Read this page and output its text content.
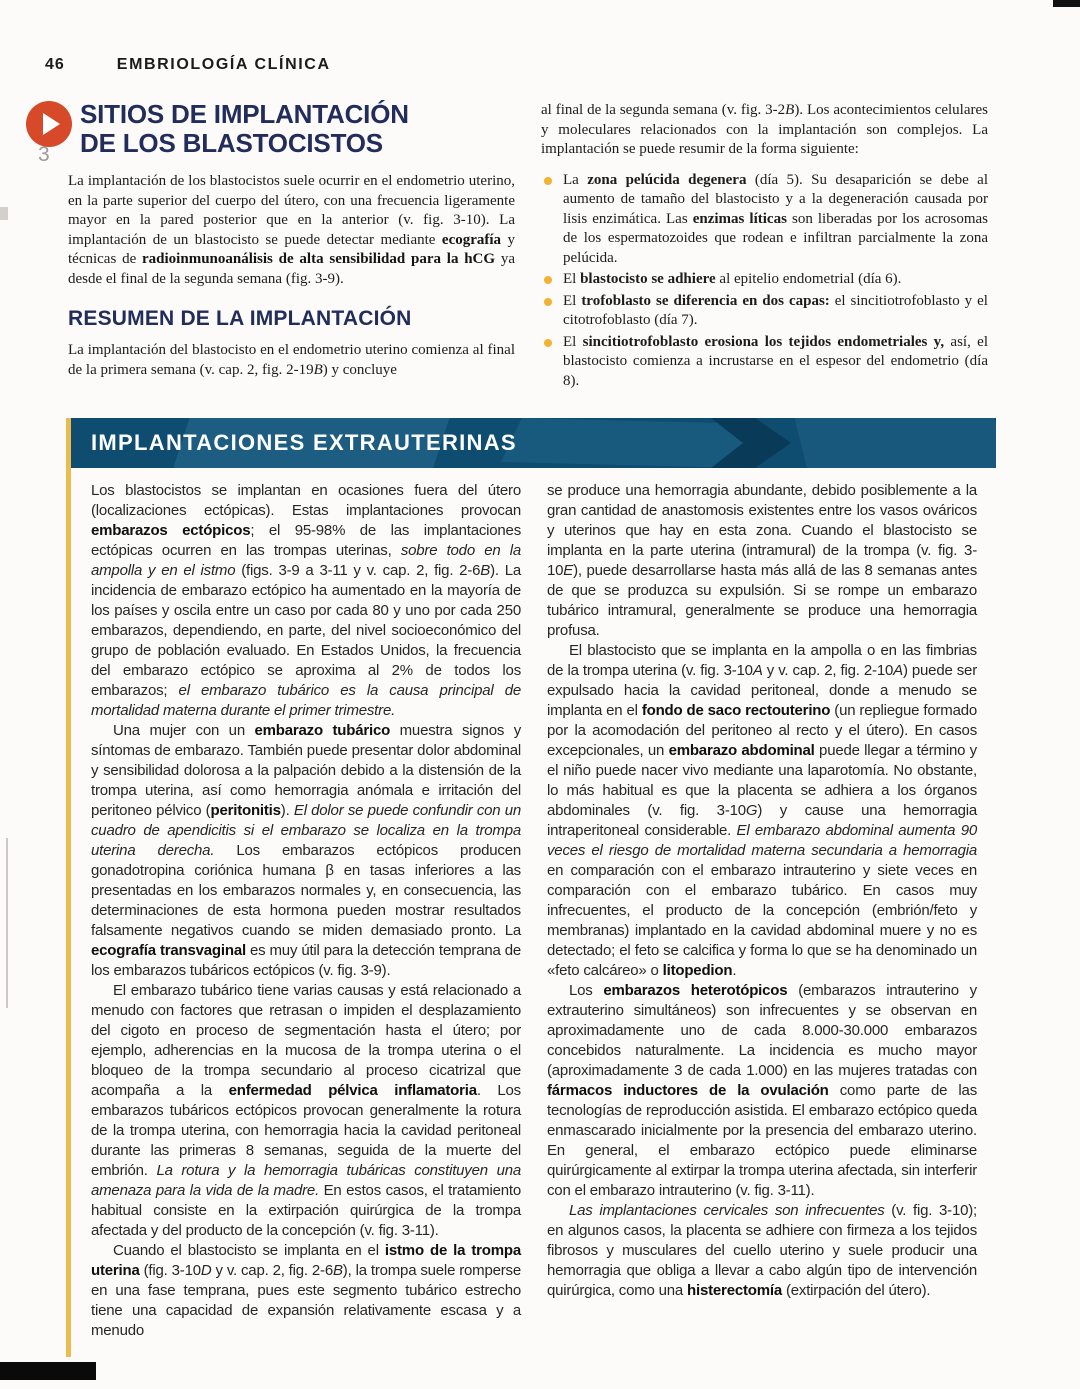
46	EMBRIOLOGÍA CLÍNICA
3
SITIOS DE IMPLANTACIÓN
DE LOS BLASTOCISTOS

La implantación de los blastocistos suele ocurrir en el endometrio uterino, en la parte superior del cuerpo del útero, con una frecuencia ligeramente mayor en la pared posterior que en la anterior (v. fig. 3-10). La implantación de un blastocisto se puede detectar mediante ecografía y técnicas de radioinmunoanálisis de alta sensibilidad para la hCG ya desde el final de la segunda semana (fig. 3-9).

RESUMEN DE LA IMPLANTACIÓN

La implantación del blastocisto en el endometrio uterino comienza al final de la primera semana (v. cap. 2, fig. 2-19B) y concluye

al final de la segunda semana (v. fig. 3-2B). Los acontecimientos celulares y moleculares relacionados con la implantación son complejos. La implantación se puede resumir de la forma siguiente:

La zona pelúcida degenera (día 5). Su desaparición se debe al aumento de tamaño del blastocisto y a la degeneración causada por lisis enzimática. Las enzimas líticas son liberadas por los acrosomas de los espermatozoides que rodean e infiltran parcialmente la zona pelúcida.
El blastocisto se adhiere al epitelio endometrial (día 6).
El trofoblasto se diferencia en dos capas: el sincitiotrofoblasto y el citotrofoblasto (día 7).
El sincitiotrofoblasto erosiona los tejidos endometriales y, así, el blastocisto comienza a incrustarse en el espesor del endometrio (día 8).
IMPLANTACIONES EXTRAUTERINAS

Los blastocistos se implantan en ocasiones fuera del útero (localizaciones ectópicas). Estas implantaciones provocan embarazos ectópicos; el 95-98% de las implantaciones ectópicas ocurren en las trompas uterinas, sobre todo en la ampolla y en el istmo (figs. 3-9 a 3-11 y v. cap. 2, fig. 2-6B). La incidencia de embarazo ectópico ha aumentado en la mayoría de los países y oscila entre un caso por cada 80 y uno por cada 250 embarazos, dependiendo, en parte, del nivel socioeconómico del grupo de población evaluado. En Estados Unidos, la frecuencia del embarazo ectópico se aproxima al 2% de todos los embarazos; el embarazo tubárico es la causa principal de mortalidad materna durante el primer trimestre.

Una mujer con un embarazo tubárico muestra signos y síntomas de embarazo. También puede presentar dolor abdominal y sensibilidad dolorosa a la palpación debido a la distensión de la trompa uterina, así como hemorragia anómala e irritación del peritoneo pélvico (peritonitis). El dolor se puede confundir con un cuadro de apendicitis si el embarazo se localiza en la trompa uterina derecha. Los embarazos ectópicos producen gonadotropina coriónica humana β en tasas inferiores a las presentadas en los embarazos normales y, en consecuencia, las determinaciones de esta hormona pueden mostrar resultados falsamente negativos cuando se miden demasiado pronto. La ecografía transvaginal es muy útil para la detección temprana de los embarazos tubáricos ectópicos (v. fig. 3-9).

El embarazo tubárico tiene varias causas y está relacionado a menudo con factores que retrasan o impiden el desplazamiento del cigoto en proceso de segmentación hasta el útero; por ejemplo, adherencias en la mucosa de la trompa uterina o el bloqueo de la trompa secundario al proceso cicatrizal que acompaña a la enfermedad pélvica inflamatoria. Los embarazos tubáricos ectópicos provocan generalmente la rotura de la trompa uterina, con hemorragia hacia la cavidad peritoneal durante las primeras 8 semanas, seguida de la muerte del embrión. La rotura y la hemorragia tubáricas constituyen una amenaza para la vida de la madre. En estos casos, el tratamiento habitual consiste en la extirpación quirúrgica de la trompa afectada y del producto de la concepción (v. fig. 3-11).

Cuando el blastocisto se implanta en el istmo de la trompa uterina (fig. 3-10D y v. cap. 2, fig. 2-6B), la trompa suele romperse en una fase temprana, pues este segmento tubárico estrecho tiene una capacidad de expansión relativamente escasa y a menudo

se produce una hemorragia abundante, debido posiblemente a la gran cantidad de anastomosis existentes entre los vasos ováricos y uterinos que hay en esta zona. Cuando el blastocisto se implanta en la parte uterina (intramural) de la trompa (v. fig. 3-10E), puede desarrollarse hasta más allá de las 8 semanas antes de que se produzca su expulsión. Si se rompe un embarazo tubárico intramural, generalmente se produce una hemorragia profusa.

El blastocisto que se implanta en la ampolla o en las fimbrias de la trompa uterina (v. fig. 3-10A y v. cap. 2, fig. 2-10A) puede ser expulsado hacia la cavidad peritoneal, donde a menudo se implanta en el fondo de saco rectouterino (un repliegue formado por la acomodación del peritoneo al recto y el útero). En casos excepcionales, un embarazo abdominal puede llegar a término y el niño puede nacer vivo mediante una laparotomía. No obstante, lo más habitual es que la placenta se adhiera a los órganos abdominales (v. fig. 3-10G) y cause una hemorragia intraperitoneal considerable. El embarazo abdominal aumenta 90 veces el riesgo de mortalidad materna secundaria a hemorragia en comparación con el embarazo intrauterino y siete veces en comparación con el embarazo tubárico. En casos muy infrecuentes, el producto de la concepción (embrión/feto y membranas) implantado en la cavidad abdominal muere y no es detectado; el feto se calcifica y forma lo que se ha denominado un «feto calcáreo» o litopedion.

Los embarazos heterotópicos (embarazos intrauterino y extrauterino simultáneos) son infrecuentes y se observan en aproximadamente uno de cada 8.000-30.000 embarazos concebidos naturalmente. La incidencia es mucho mayor (aproximadamente 3 de cada 1.000) en las mujeres tratadas con fármacos inductores de la ovulación como parte de las tecnologías de reproducción asistida. El embarazo ectópico queda enmascarado inicialmente por la presencia del embarazo uterino. En general, el embarazo ectópico puede eliminarse quirúrgicamente al extirpar la trompa uterina afectada, sin interferir con el embarazo intrauterino (v. fig. 3-11).

Las implantaciones cervicales son infrecuentes (v. fig. 3-10); en algunos casos, la placenta se adhiere con firmeza a los tejidos fibrosos y musculares del cuello uterino y suele producir una hemorragia que obliga a llevar a cabo algún tipo de intervención quirúrgica, como una histerectomía (extirpación del útero).
